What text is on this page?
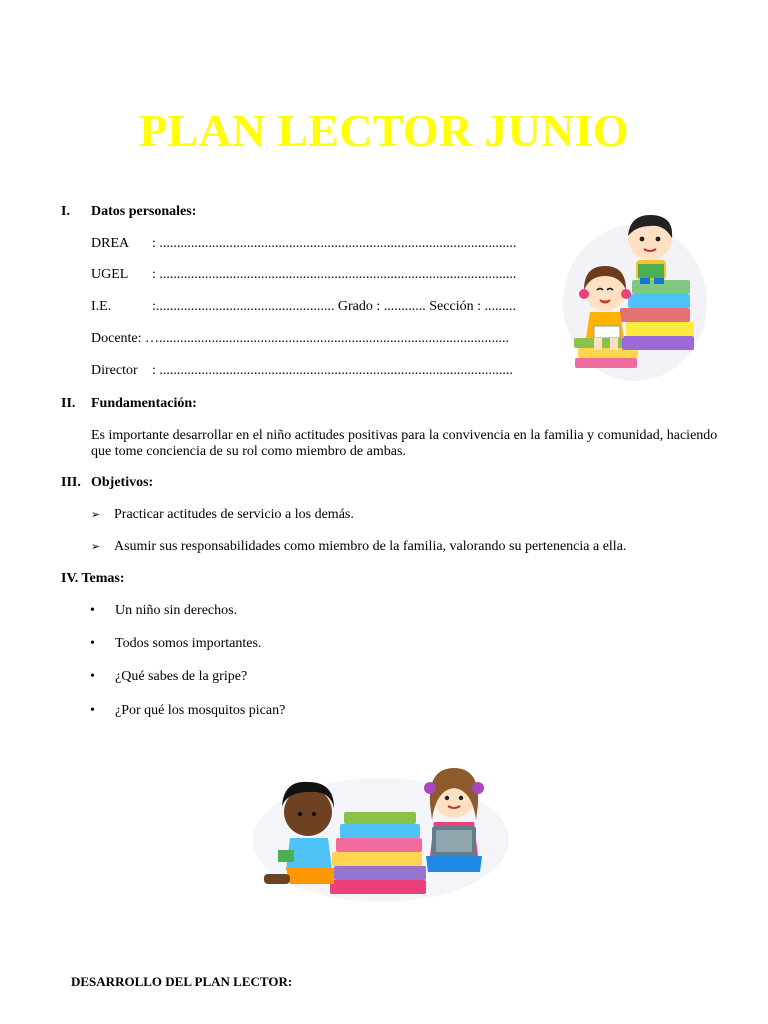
PLAN LECTOR JUNIO
I. Datos personales:
DREA : ......................................................................................................
UGEL : ......................................................................................................
I.E.	:................................................... Grado : ............ Sección : .........
Docente: …....................................................................................................
Director : .....................................................................................................
II. Fundamentación:
Es importante desarrollar en el niño actitudes positivas para la convivencia en la familia y comunidad, haciendo que tome conciencia de su rol como miembro de ambas.
III. Objetivos:
➢ Practicar actitudes de servicio a los demás.
➢ Asumir sus responsabilidades como miembro de la familia, valorando su pertenencia a ella.
IV. Temas:
• Un niño sin derechos.
• Todos somos importantes.
• ¿Qué sabes de la gripe?
• ¿Por qué los mosquitos pican?
DESARROLLO DEL PLAN LECTOR:
